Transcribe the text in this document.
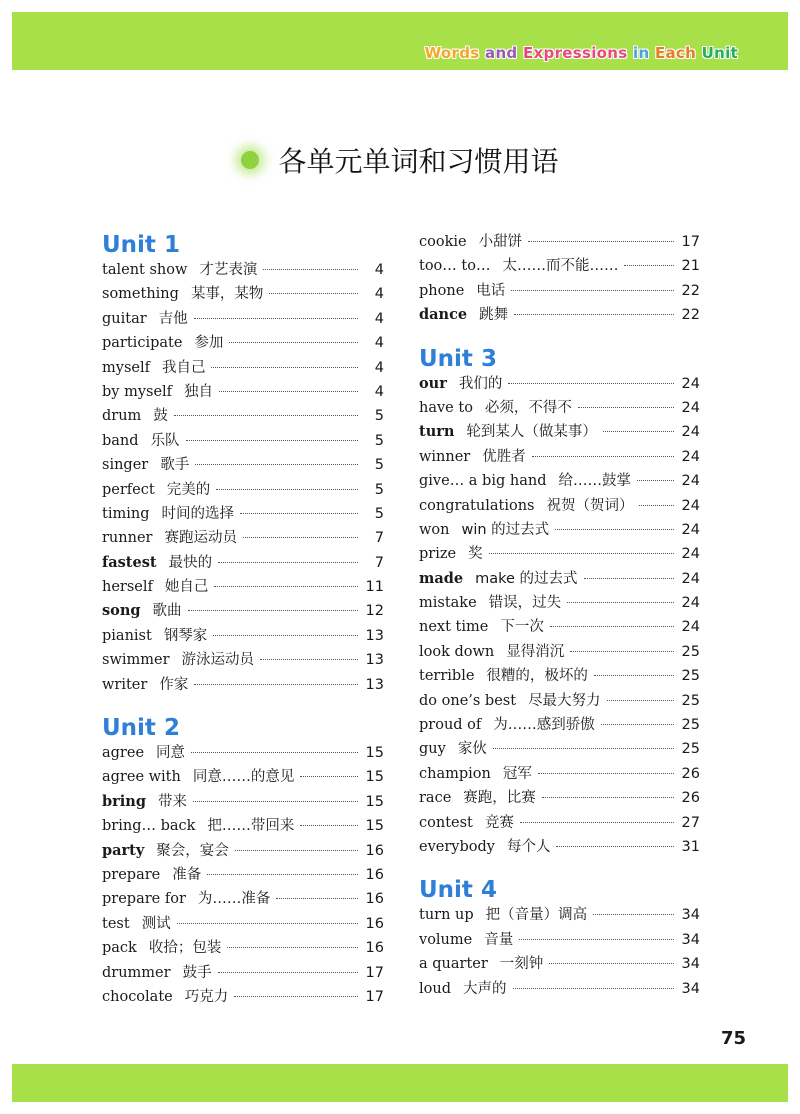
Words and Expressions in Each Unit
各单元单词和习惯用语
Unit 1
talent show 才艺表演	4
something 某事，某物	4
guitar 吉他	4
participate 参加	4
myself 我自己	4
by myself 独自	4
drum 鼓	5
band 乐队	5
singer 歌手	5
perfect 完美的	5
timing 时间的选择	5
runner 赛跑运动员	7
fastest 最快的	7
herself 她自己	11
song 歌曲	12
pianist 钢琴家	13
swimmer 游泳运动员	13
writer 作家	13
Unit 2
agree 同意	15
agree with 同意……的意见	15
bring 带来	15
bring… back 把……带回来	15
party 聚会，宴会	16
prepare 准备	16
prepare for 为……准备	16
test 测试	16
pack 收拾；包装	16
drummer 鼓手	17
chocolate 巧克力	17
cookie 小甜饼	17
too… to… 太……而不能……	21
phone 电话	22
dance 跳舞	22
Unit 3
our 我们的	24
have to 必须，不得不	24
turn 轮到某人（做某事）	24
winner 优胜者	24
give… a big hand 给……鼓掌	24
congratulations 祝贺（贺词）	24
won win 的过去式	24
prize 奖	24
made make 的过去式	24
mistake 错误，过失	24
next time 下一次	24
look down 显得消沉	25
terrible 很糟的，极坏的	25
do one’s best 尽最大努力	25
proud of 为……感到骄傲	25
guy 家伙	25
champion 冠军	26
race 赛跑，比赛	26
contest 竞赛	27
everybody 每个人	31
Unit 4
turn up 把（音量）调高	34
volume 音量	34
a quarter 一刻钟	34
loud 大声的	34
75
